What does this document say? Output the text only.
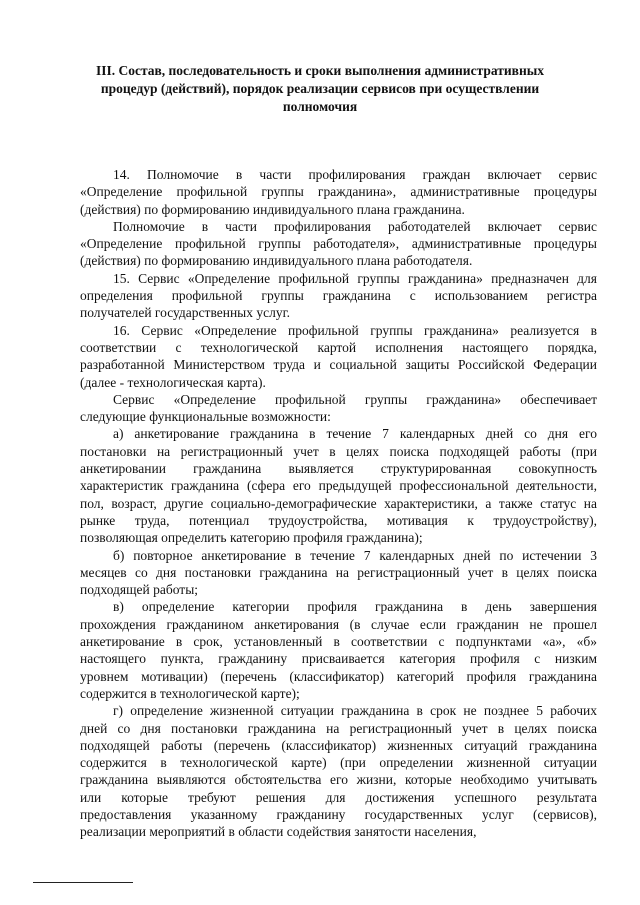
III. Состав, последовательность и сроки выполнения административных
процедур (действий), порядок реализации сервисов при осуществлении
полномочия

14. Полномочие в части профилирования граждан включает сервис
«Определение профильной группы гражданина», административные процедуры
(действия) по формированию индивидуального плана гражданина.

Полномочие в части профилирования работодателей включает сервис
«Определение профильной группы работодателя», административные процедуры
(действия) по формированию индивидуального плана работодателя.

15. Сервис «Определение профильной группы гражданина» предназначен для
определения профильной группы гражданина с использованием регистра
получателей государственных услуг.

16. Сервис «Определение профильной группы гражданина» реализуется в
соответствии с технологической картой исполнения настоящего порядка,
разработанной Министерством труда и социальной защиты Российской Федерации
(далее - технологическая карта).

Сервис «Определение профильной группы гражданина» обеспечивает
следующие функциональные возможности:

а) анкетирование гражданина в течение 7 календарных дней со дня его
постановки на регистрационный учет в целях поиска подходящей работы (при
анкетировании гражданина выявляется структурированная совокупность
характеристик гражданина (сфера его предыдущей профессиональной деятельности,
пол, возраст, другие социально-демографические характеристики, а также статус на
рынке труда, потенциал трудоустройства, мотивация к трудоустройству),
позволяющая определить категорию профиля гражданина);

б) повторное анкетирование в течение 7 календарных дней по истечении 3
месяцев со дня постановки гражданина на регистрационный учет в целях поиска
подходящей работы;

в) определение категории профиля гражданина в день завершения
прохождения гражданином анкетирования (в случае если гражданин не прошел
анкетирование в срок, установленный в соответствии с подпунктами «а», «б»
настоящего пункта, гражданину присваивается категория профиля с низким
уровнем мотивации) (перечень (классификатор) категорий профиля гражданина
содержится в технологической карте);

г) определение жизненной ситуации гражданина в срок не позднее 5 рабочих
дней со дня постановки гражданина на регистрационный учет в целях поиска
подходящей работы (перечень (классификатор) жизненных ситуаций гражданина
содержится в технологической карте) (при определении жизненной ситуации
гражданина выявляются обстоятельства его жизни, которые необходимо учитывать
или которые требуют решения для достижения успешного результата
предоставления указанному гражданину государственных услуг (сервисов),
реализации мероприятий в области содействия занятости населения,
